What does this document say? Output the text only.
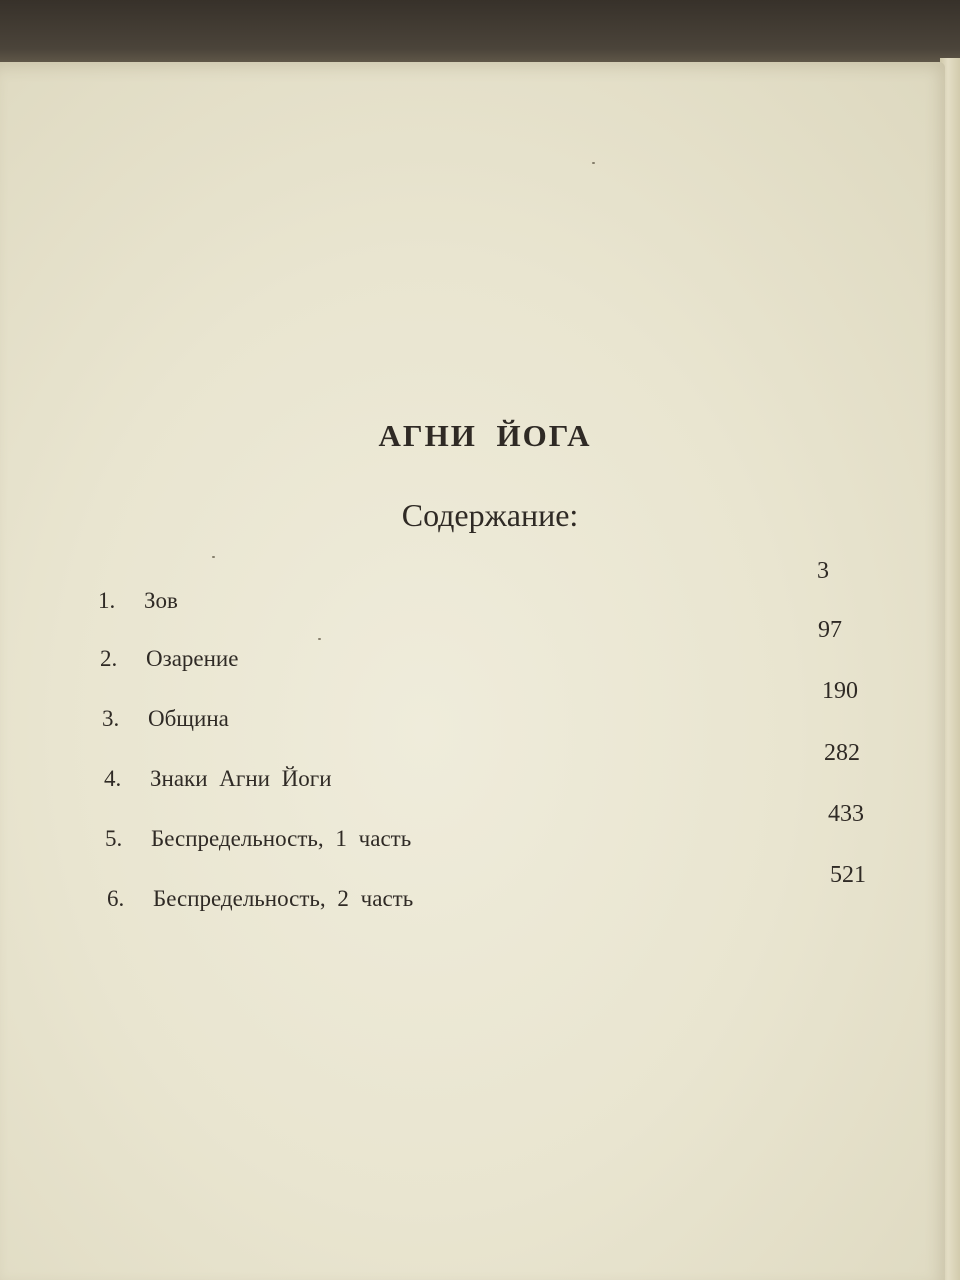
АГНИ ЙОГА
Содержание:
1. Зов
3
2. Озарение
97
3. Община
190
4. Знаки Агни Йоги
282
5. Беспредельность, 1 часть
433
6. Беспредельность, 2 часть
521
